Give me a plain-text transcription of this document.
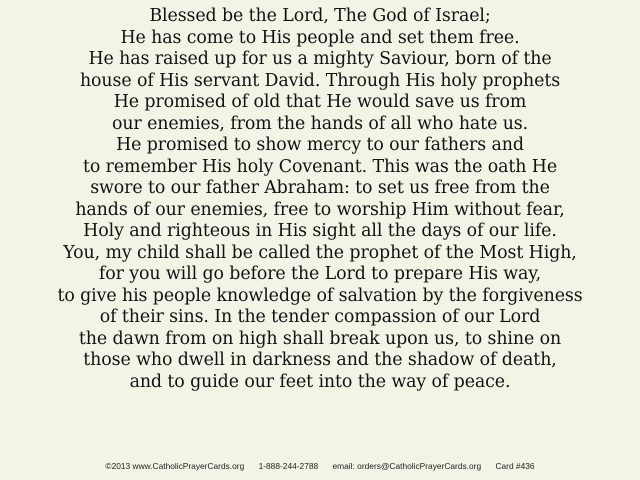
Blessed be the Lord, The God of Israel;
He has come to His people and set them free.
He has raised up for us a mighty Saviour, born of the
house of His servant David. Through His holy prophets
He promised of old that He would save us from
our enemies, from the hands of all who hate us.
He promised to show mercy to our fathers and
to remember His holy Covenant. This was the oath He
swore to our father Abraham: to set us free from the
hands of our enemies, free to worship Him without fear,
Holy and righteous in His sight all the days of our life.
You, my child shall be called the prophet of the Most High,
for you will go before the Lord to prepare His way,
to give his people knowledge of salvation by the forgiveness
of their sins. In the tender compassion of our Lord
the dawn from on high shall break upon us, to shine on
those who dwell in darkness and the shadow of death,
and to guide our feet into the way of peace.
©2013 www.CatholicPrayerCards.org 1-888-244-2788 email: orders@CatholicPrayerCards.org Card #436
